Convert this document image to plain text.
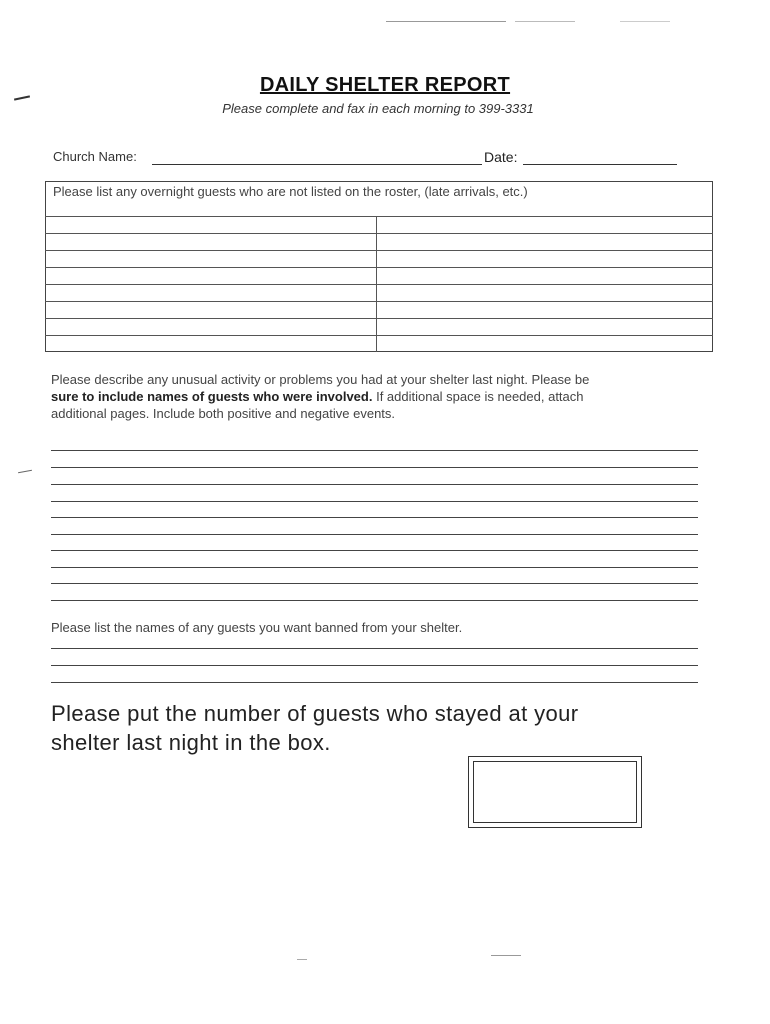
DAILY SHELTER REPORT
Please complete and fax in each morning to 399-3331
Church Name:	Date:
Please list any overnight guests who are not listed on the roster, (late arrivals, etc.)
Please describe any unusual activity or problems you had at your shelter last night. Please be
sure to include names of guests who were involved. If additional space is needed, attach
additional pages. Include both positive and negative events.
Please list the names of any guests you want banned from your shelter.
Please put the number of guests who stayed at your
shelter last night in the box.
